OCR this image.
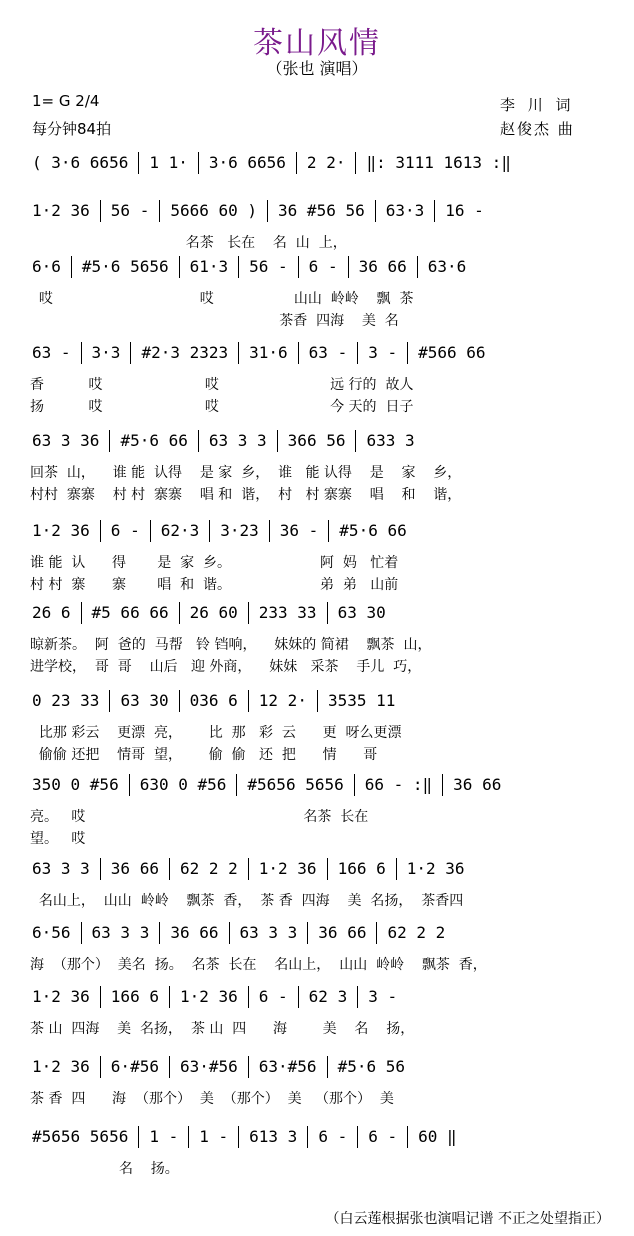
茶山风情
（张也 演唱）
1= G 2/4
每分钟84拍
李 川 词
赵俊杰 曲
( 3·6 6656	1 1·	3·6 6656	2 2·	‖: 3111 1613 :‖
1·2 36	56 -	5666 60 )	36 #56 56	63·3	16 -
名茶   长在    名  山  上，
6·6	#5·6 5656	61·3	56 -	6 -	36 66	63·6
哎                                 哎                  山山  岭岭    飘  茶
茶香  四海    美  名
63 -	3·3	#2·3 2323	31·6	63 -	3 -	#566 66
香          哎                       哎                         远 行的  故人
扬          哎                       哎                         今 天的  日子
63 3 36	#5·6 66	63 3 3	366 56	633 3
回茶  山，    谁 能  认得    是 家  乡，  谁   能 认得    是    家    乡，
村村  寨寨    村 村  寨寨    唱 和  谐，  村   村 寨寨    唱    和    谐，
1·2 36	6 -	62·3	3·23	36 -	#5·6 66
谁 能  认      得       是  家  乡。                    阿  妈   忙着
村 村  寨      寨       唱  和  谐。                    弟  弟   山前
26 6	#5 66 66	26 60	233 33	63 30
晾新茶。  阿  爸的  马帮   铃 铛响，    妹妹的 简裙    飘茶  山，
进学校，  哥  哥    山后   迎 外商，    妹妹   采茶    手儿  巧，
0 23 33	63 30	036 6	12 2·	3535 11
比那 彩云    更漂  亮，      比  那   彩  云      更  呀么更漂
偷偷 还把    情哥  望，      偷  偷   还  把      情      哥
350 0 #56	630 0 #56	#5656 5656	66 - :‖	36 66
亮。   哎                                                 名茶  长在
望。   哎
63 3 3	36 66	62 2 2	1·2 36	166 6	1·2 36
名山上，  山山  岭岭    飘茶  香，  茶 香  四海    美  名扬，  茶香四
6·56	63 3 3	36 66	63 3 3	36 66	62 2 2
海  （那个）  美名  扬。  名茶  长在    名山上，  山山  岭岭    飘茶  香，
1·2 36	166 6	1·2 36	6 -	62 3	3 -
茶 山  四海    美  名扬，  茶 山  四      海        美    名    扬，
1·2 36	6·#56	63·#56	63·#56	#5·6 56
茶 香  四      海  （那个）  美  （那个）  美   （那个）  美
#5656 5656	1 -	1 -	613 3	6 -	6 -	60 ‖
名    扬。
（白云莲根据张也演唱记谱 不正之处望指正）
